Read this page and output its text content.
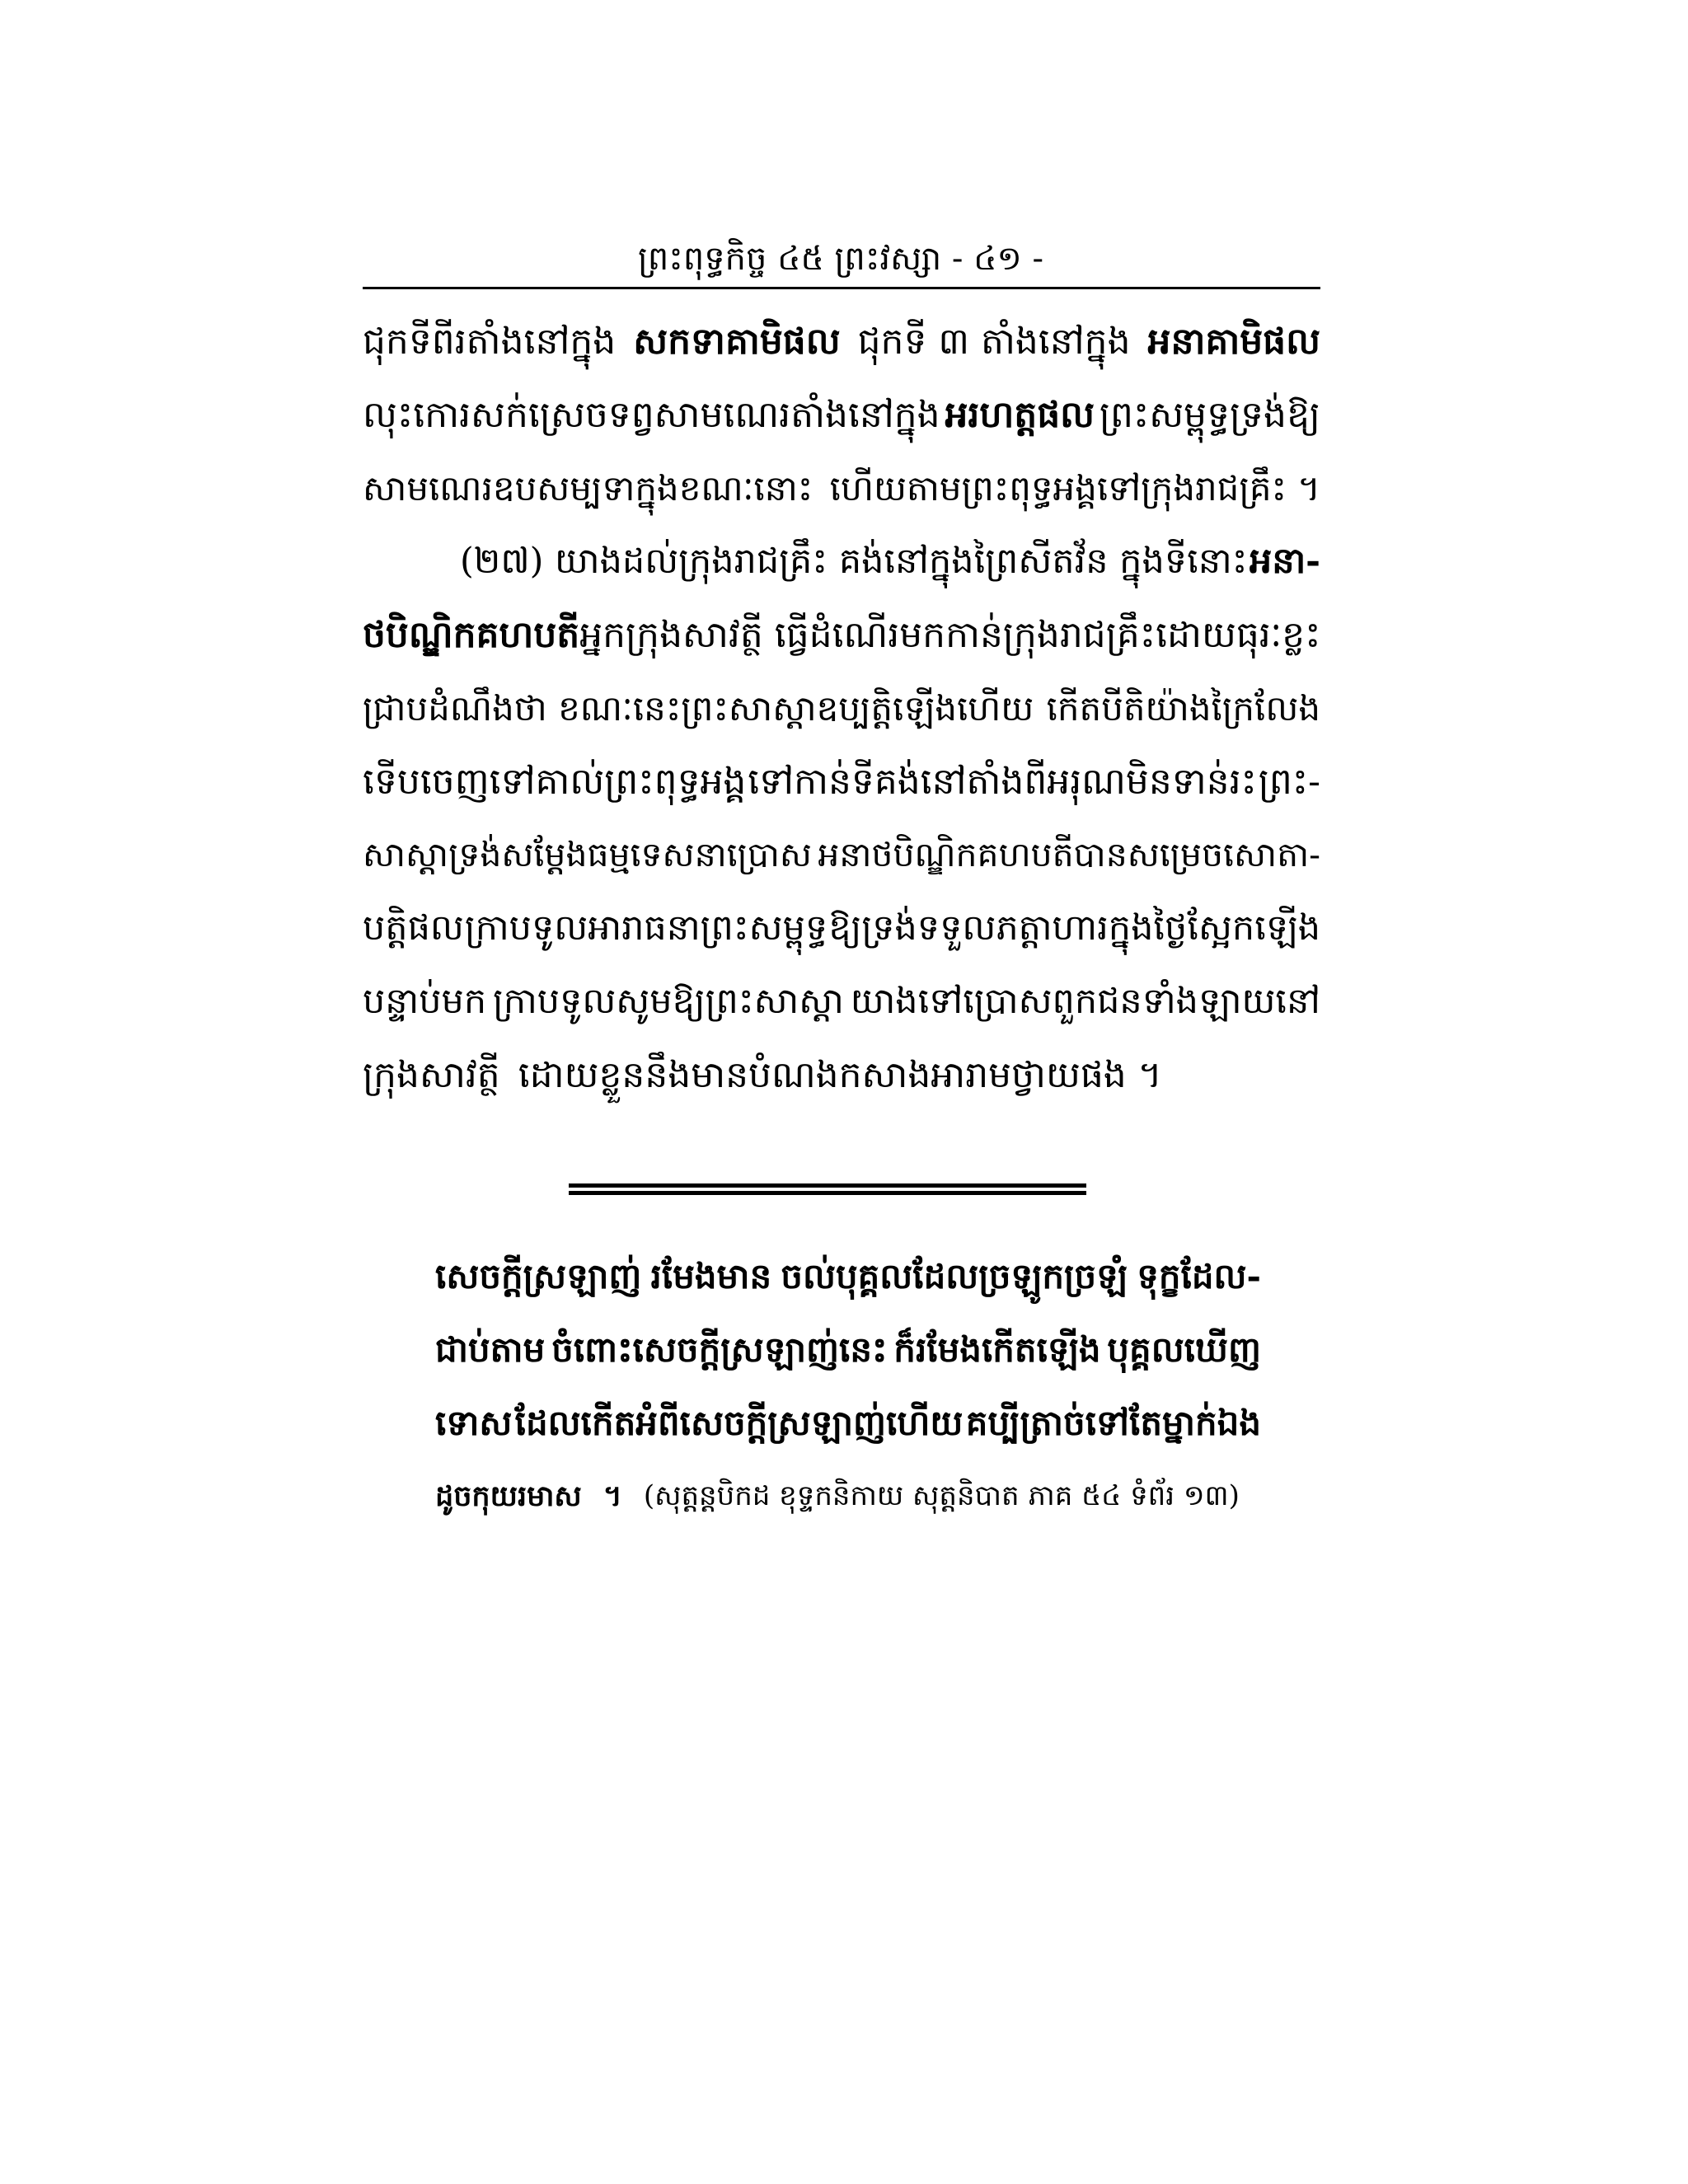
ព្រះពុទ្ធកិច្ច ៤៥ ព្រះវស្សា - ៤១ -
ជុកទីពីរតាំងនៅក្នុង សកទាគាមិផល ជុកទី ៣ តាំងនៅក្នុង អនាគាមិផល
លុះកោរសក់ស្រេចទព្វសាមណេរតាំងនៅក្នុង អរហត្តផល ព្រះសម្ពុទ្ធទ្រង់ឱ្យ
សាមណេរឧបសម្បទាក្នុងខណៈនោះ ហើយតាមព្រះពុទ្ធអង្គទៅក្រុងរាជគ្រឹះ ។
(២៧) យាងដល់ក្រុងរាជគ្រឹះ គង់នៅក្នុងព្រៃសីតវ័ន ក្នុងទីនោះ អនា-
ថបិណ្ឌិកគហបតី អ្នកក្រុងសាវត្ថី ធ្វើដំណើរមកកាន់ក្រុងរាជគ្រឹះដោយធុរៈខ្លះ
ជ្រាបដំណឹងថា ខណៈនេះព្រះសាស្ដាឧប្បត្តិឡើងហើយ កើតបីតិយ៉ាងក្រៃលែង
ទើបចេញទៅគាល់ព្រះពុទ្ធអង្គ ទៅកាន់ទីគង់នៅតាំងពីអរុណមិនទាន់រះ ព្រះ-
សាស្ដាទ្រង់សម្ដែងធម្មទេសនាប្រោស អនាថបិណ្ឌិកគហបតីបានសម្រេចសោតា-
បត្តិផល ក្រាបទូលអារាធនាព្រះសម្ពុទ្ធ ឱ្យទ្រង់ទទួលភត្តាហារក្នុងថ្ងៃស្អែកឡើង
បន្ទាប់មក ក្រាបទូលសូមឱ្យព្រះសាស្ដា យាងទៅប្រោសពួកជនទាំងឡាយនៅ
ក្រុងសាវត្ថី ដោយខ្លួននឹងមានបំណងកសាងអារាមថ្វាយផង ។
សេចក្តីស្រឡាញ់ រមែងមាន ចល់បុគ្គលដែលច្រឡូកច្រឡំ ទុក្ខដែល-
ជាប់តាម ចំពោះសេចក្តីស្រឡាញ់នេះ ក៏រមែងកើតឡើង បុគ្គលឃើញ
ទោស ដែលកើតអំពីសេចក្តីស្រឡាញ់ហើយ គប្បីត្រាច់ទៅតែម្នាក់ឯង
ដូចកុយរមាស ។ (សុត្តន្តបិកដ ខុទ្ទកនិកាយ សុត្តនិបាត ភាគ ៥៤ ទំព័រ ១៣)
